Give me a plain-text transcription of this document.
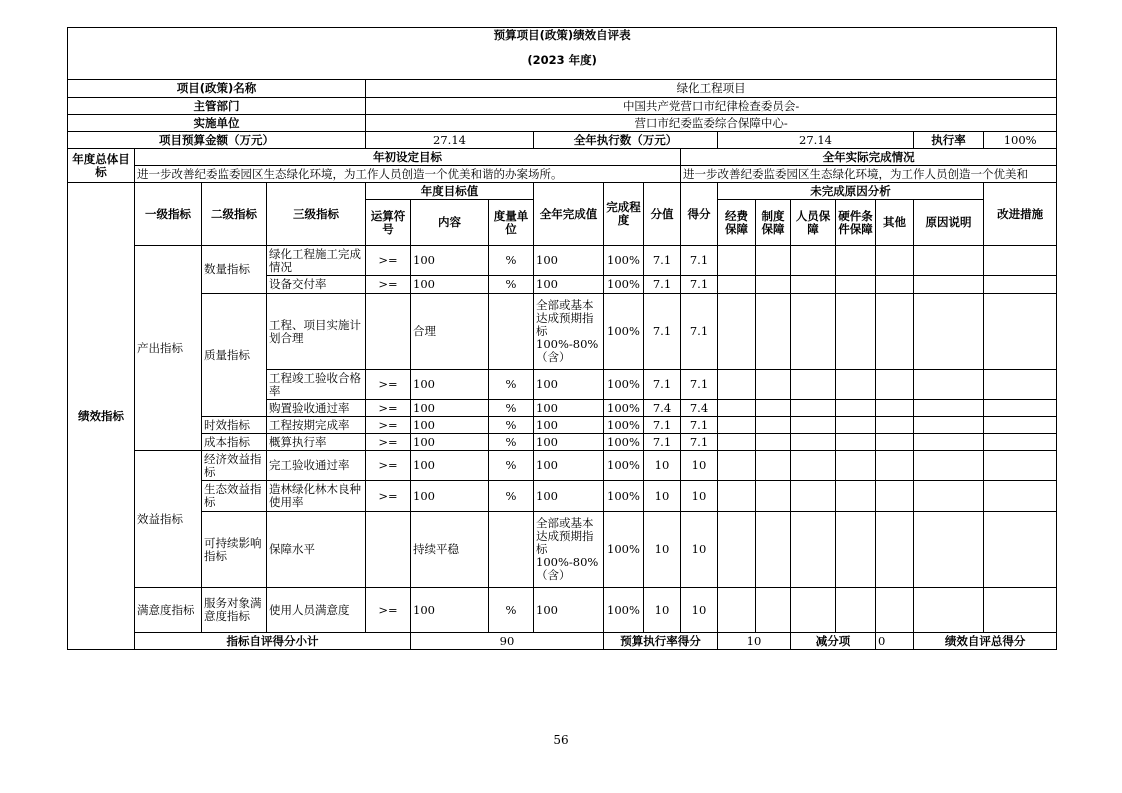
预算项目(政策)绩效自评表
(2023 年度)																		

项目(政策)名称				绿化工程项目														
主管部门				中国共产党营口市纪律检查委员会-														
实施单位				营口市纪委监委综合保障中心-														
项目预算金额（万元）				27.14			全年执行数（万元）				27.14					执行率	100%	
年度总体目标	年初设定目标									全年实际完成情况								
	进一步改善纪委监委园区生态绿化环境，为工作人员创造一个优美和谐的办案场所。									进一步改善纪委监委园区生态绿化环境，为工作人员创造一个优美和								
绩效指标	一级指标	二级指标	三级指标	年度目标值			全年完成值	完成程度	分值	得分	未完成原因分析						改进措施	
				运算符号	内容	度量单位					经费保障	制度保障	人员保障	硬件条件保障	其他	原因说明		
	产出指标	数量指标	绿化工程施工完成情况	>=	100	%	100	100%	7.1	7.1								
			设备交付率	>=	100	%	100	100%	7.1	7.1								
		质量指标	工程、项目实施计划合理		合理		全部或基本达成预期指标100%-80%（含）	100%	7.1	7.1								
			工程竣工验收合格率	>=	100	%	100	100%	7.1	7.1								
			购置验收通过率	>=	100	%	100	100%	7.4	7.4								
		时效指标	工程按期完成率	>=	100	%	100	100%	7.1	7.1								
		成本指标	概算执行率	>=	100	%	100	100%	7.1	7.1								
	效益指标	经济效益指标	完工验收通过率	>=	100	%	100	100%	10	10								
		生态效益指标	造林绿化林木良种使用率	>=	100	%	100	100%	10	10								
		可持续影响指标	保障水平		持续平稳		全部或基本达成预期指标100%-80%（含）	100%	10	10								
	满意度指标	服务对象满意度指标	使用人员满意度	>=	100	%	100	100%	10	10								
	指标自评得分小计				90			预算执行率得分			10		减分项		0	绩效自评总得分	
56
